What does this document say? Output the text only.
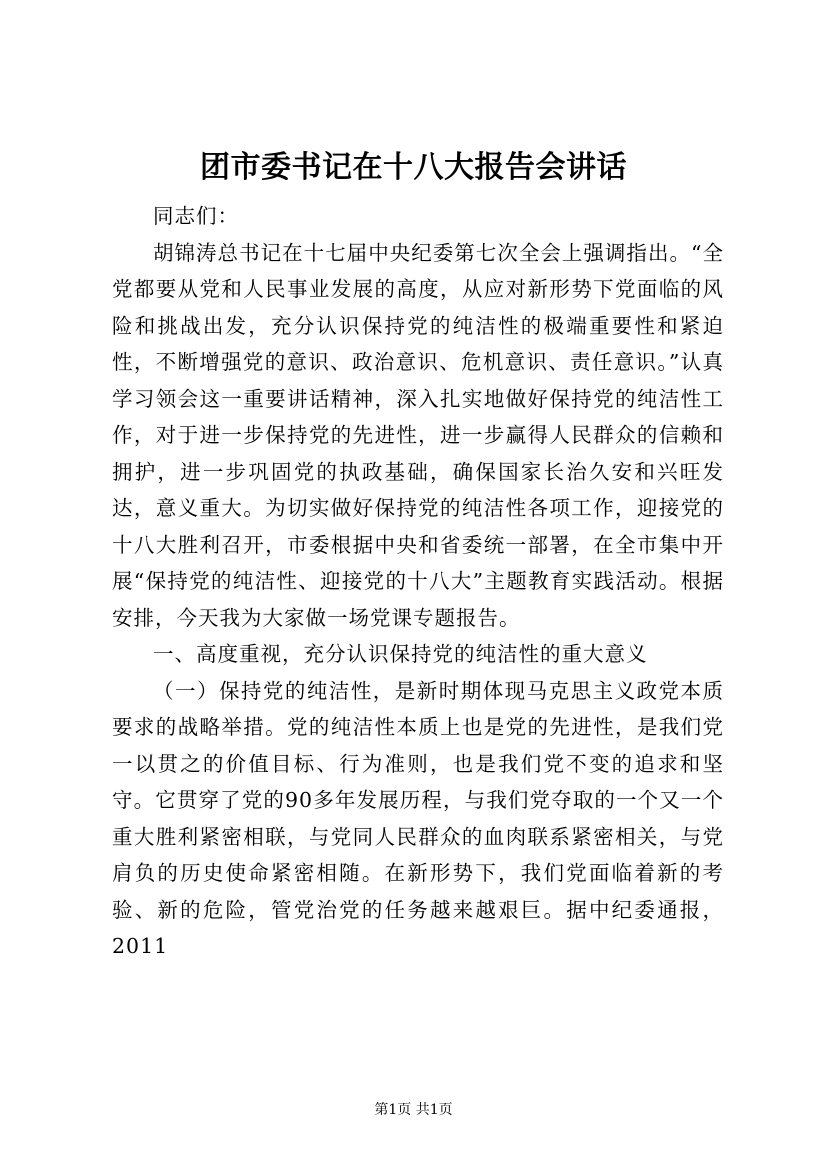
团市委书记在十八大报告会讲话

同志们：

胡锦涛总书记在十七届中央纪委第七次全会上强调指出。“全党都要从党和人民事业发展的高度，从应对新形势下党面临的风险和挑战出发，充分认识保持党的纯洁性的极端重要性和紧迫性，不断增强党的意识、政治意识、危机意识、责任意识。”认真学习领会这一重要讲话精神，深入扎实地做好保持党的纯洁性工作，对于进一步保持党的先进性，进一步赢得人民群众的信赖和拥护，进一步巩固党的执政基础，确保国家长治久安和兴旺发达，意义重大。为切实做好保持党的纯洁性各项工作，迎接党的十八大胜利召开，市委根据中央和省委统一部署，在全市集中开展“保持党的纯洁性、迎接党的十八大”主题教育实践活动。根据安排，今天我为大家做一场党课专题报告。

一、高度重视，充分认识保持党的纯洁性的重大意义

（一）保持党的纯洁性，是新时期体现马克思主义政党本质要求的战略举措。党的纯洁性本质上也是党的先进性，是我们党一以贯之的价值目标、行为准则，也是我们党不变的追求和坚守。它贯穿了党的90多年发展历程，与我们党夺取的一个又一个重大胜利紧密相联，与党同人民群众的血肉联系紧密相关，与党肩负的历史使命紧密相随。在新形势下，我们党面临着新的考验、新的危险，管党治党的任务越来越艰巨。据中纪委通报，2011

第1页 共1页
